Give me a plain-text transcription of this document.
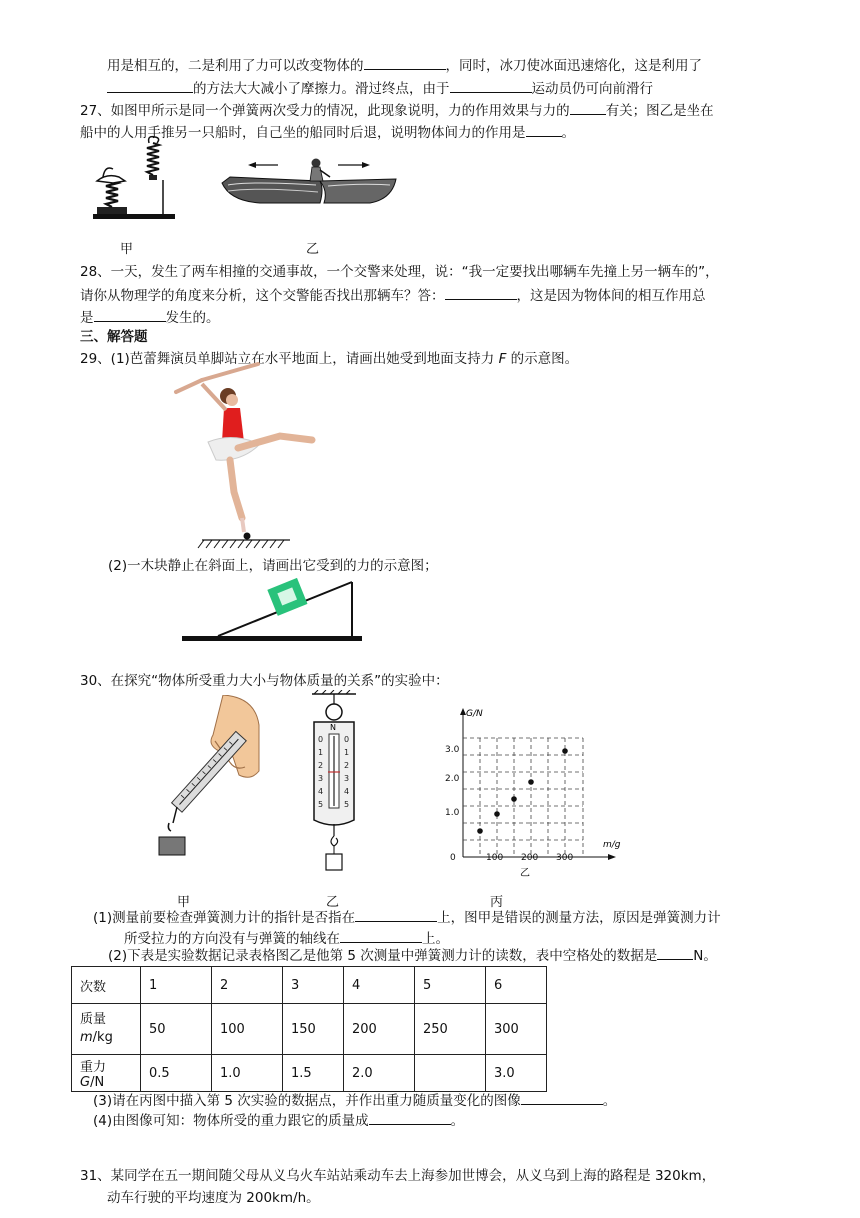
用是相互的，二是利用了力可以改变物体的	，同时，冰刀使冰面迅速熔化，这是利用了
的方法大大减小了摩擦力。滑过终点，由于	运动员仍可向前滑行
27、如图甲所示是同一个弹簧两次受力的情况，此现象说明，力的作用效果与力的	有关；图乙是坐在
船中的人用手推另一只船时，自己坐的船同时后退，说明物体间力的作用是	。
甲	乙
28、一天，发生了两车相撞的交通事故，一个交警来处理，说：“我一定要找出哪辆车先撞上另一辆车的”，
请你从物理学的角度来分析，这个交警能否找出那辆车？答：	，这是因为物体间的相互作用总
是	发生的。
三、解答题
29、(1)芭蕾舞演员单脚站立在水平地面上，请画出她受到地面支持力 F 的示意图。
(2)一木块静止在斜面上，请画出它受到的力的示意图；
30、在探究“物体所受重力大小与物体质量的关系”的实验中：
甲
N
0
1
2
3
4
5
0
1
2
3
4
5
乙
G/N
m/g
1.0
2.0
3.0
0	100 200 300
乙
丙
(1)测量前要检查弹簧测力计的指针是否指在	上，图甲是错误的测量方法，原因是弹簧测力计
所受拉力的方向没有与弹簧的轴线在	上。
(2)下表是实验数据记录表格图乙是他第 5 次测量中弹簧测力计的读数，表中空格处的数据是	N。
次数	1	2	3	4	5	6
质量
m/kg	50	100	150	200	250	300
重力 G/N	0.5	1.0	1.5	2.0		3.0
(3)请在丙图中描入第 5 次实验的数据点，并作出重力随质量变化的图像	。
(4)由图像可知：物体所受的重力跟它的质量成	。
31、某同学在五一期间随父母从义乌火车站站乘动车去上海参加世博会，从义乌到上海的路程是 320km，
动车行驶的平均速度为 200km/h。
